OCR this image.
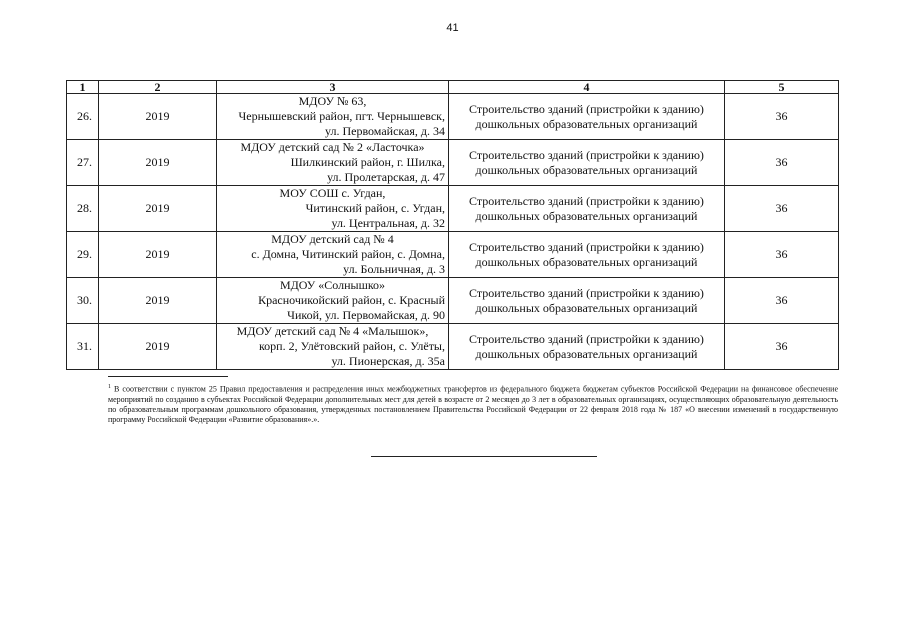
41
1	2	3	4	5
26.	2019	МДОУ № 63,
Чернышевский район, пгт. Чернышевск,
ул. Первомайская, д. 34	Строительство зданий (пристройки к зданию)
дошкольных образовательных организаций	36
27.	2019	МДОУ детский сад № 2 «Ласточка»
Шилкинский район, г. Шилка,
ул. Пролетарская, д. 47	Строительство зданий (пристройки к зданию)
дошкольных образовательных организаций	36
28.	2019	МОУ СОШ с. Угдан,
Читинский район, с. Угдан,
ул. Центральная, д. 32	Строительство зданий (пристройки к зданию)
дошкольных образовательных организаций	36
29.	2019	МДОУ детский сад № 4
с. Домна, Читинский район, с. Домна,
ул. Больничная, д. 3	Строительство зданий (пристройки к зданию)
дошкольных образовательных организаций	36
30.	2019	МДОУ «Солнышко»
Красночикойский район, с. Красный
Чикой, ул. Первомайская, д. 90	Строительство зданий (пристройки к зданию)
дошкольных образовательных организаций	36
31.	2019	МДОУ детский сад № 4 «Малышок»,
корп. 2, Улётовский район, с. Улёты,
ул. Пионерская, д. 35а	Строительство зданий (пристройки к зданию)
дошкольных образовательных организаций	36
$^1$ В соответствии с пунктом 25 Правил предоставления и распределения иных межбюджетных трансфертов из федерального бюджета бюджетам субъектов Российской Федерации на финансовое обеспечение мероприятий по созданию в субъектах Российской Федерации дополнительных мест для детей в возрасте от 2 месяцев до 3 лет в образовательных организациях, осуществляющих образовательную деятельность по образовательным программам дошкольного образования, утвержденных постановлением Правительства Российской Федерации от 22 февраля 2018 года № 187 «О внесении изменений в государственную программу Российской Федерации «Развитие образования».».
